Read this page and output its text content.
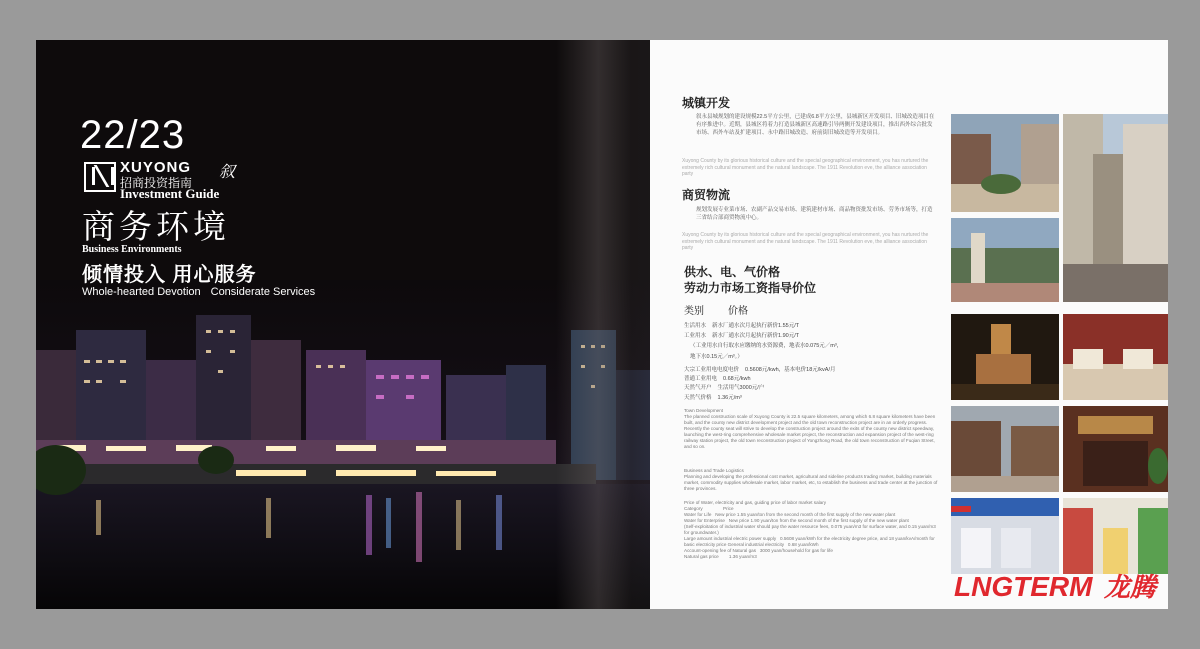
22/23
XUYONG
招商投资指南
叙
Investment Guide
商务环境
Business Environments
倾情投入 用心服务
Whole-hearted Devotion Considerate Services
城镇开发
叙永县城规划的建设规模22.5平方公里，已建成6.8平方公里，县城新区开发项目、旧城改造项目在有序推进中。近期，县城区将着力打造县城新区高速路引导两侧开发建设项目，推出西外综合批发市场、西外车站及扩建项目、永中路旧城改造、府前街旧城改造等开发项目。
Xuyong County by its glorious historical culture and the special geographical environment, you has nurtured the extremely rich cultural monument and the natural landscape. The 1911 Revolution eve, the alliance association party
商贸物流
规划发展专业菜市场、农副产品交易市场、建筑建材市场、商品物资批发市场、劳务市场等，打造三省结合部商贸物流中心。
Xuyong County by its glorious historical culture and the special geographical environment, you has nurtured the extremely rich cultural monument and the natural landscape. The 1911 Revolution eve, the alliance association party
供水、电、气价格
劳动力市场工资指导价位
类别 价格
生活用水 新水厂通水次月起执行新价1.55元/T
工业用水 新水厂通水次月起执行新价1.90元/T
（工业用水自行取水应缴纳的水资源费，地表水0.075元／m³，
地下水0.15元／m³。）
大宗工业用电电度电价 0.5608元/kwh，基本电价18元/kvA/月
普通工业用电 0.68元/kwh
天然气开户 生活用气3000元/户
天然气价格 1.36元/m³
Town Development
The planned construction scale of Xuyong County is 22.5 square kilometers, among which 6.8 square kilometers have been built, and the county new district development project and the old town reconstruction project are in an orderly progress. Recently the county seat will strive to develop the construction project around the exits of the county new district speedway, launching the west-ring comprehensive wholesale market project, the reconstruction and expansion project of the west-ring railway station project, the old town reconstruction project of Yongzhong Road, the old town reconstruction of Fuqian Street, and so on.
Business and Trade Logistics
Planning and developing the professional cost market, agricultural and sideline products trading market, building materials market, commodity supplies wholesale market, labor market, etc, to establish the business and trade center at the junction of three provinces.
Price of Water, electricity and gas, guiding price of labor market salary
Category                Price
Water for Life   New price 1.55 yuan/ton from the second month of the first supply of the new water plant
Water for Enterprise   New price 1.90 yuan/ton from the second month of the first supply of the new water plant
(Self-exploitation of industrial water should pay the water resource fees, 0.075 yuan/m3 for surface water, and 0.15 yuan/m3 for groundwater.)
Large amount industrial electric power supply   0.5608 yuan/kWh for the electricity degree price, and 18 yuan/kvA/month for basic electricity price General industrial electricity   0.68 yuan/kWh
Account-opening fee of Natural gas   3000 yuan/household for gas for life
Natural gas price        1.36 yuan/m3
LNGTERM 龙腾
